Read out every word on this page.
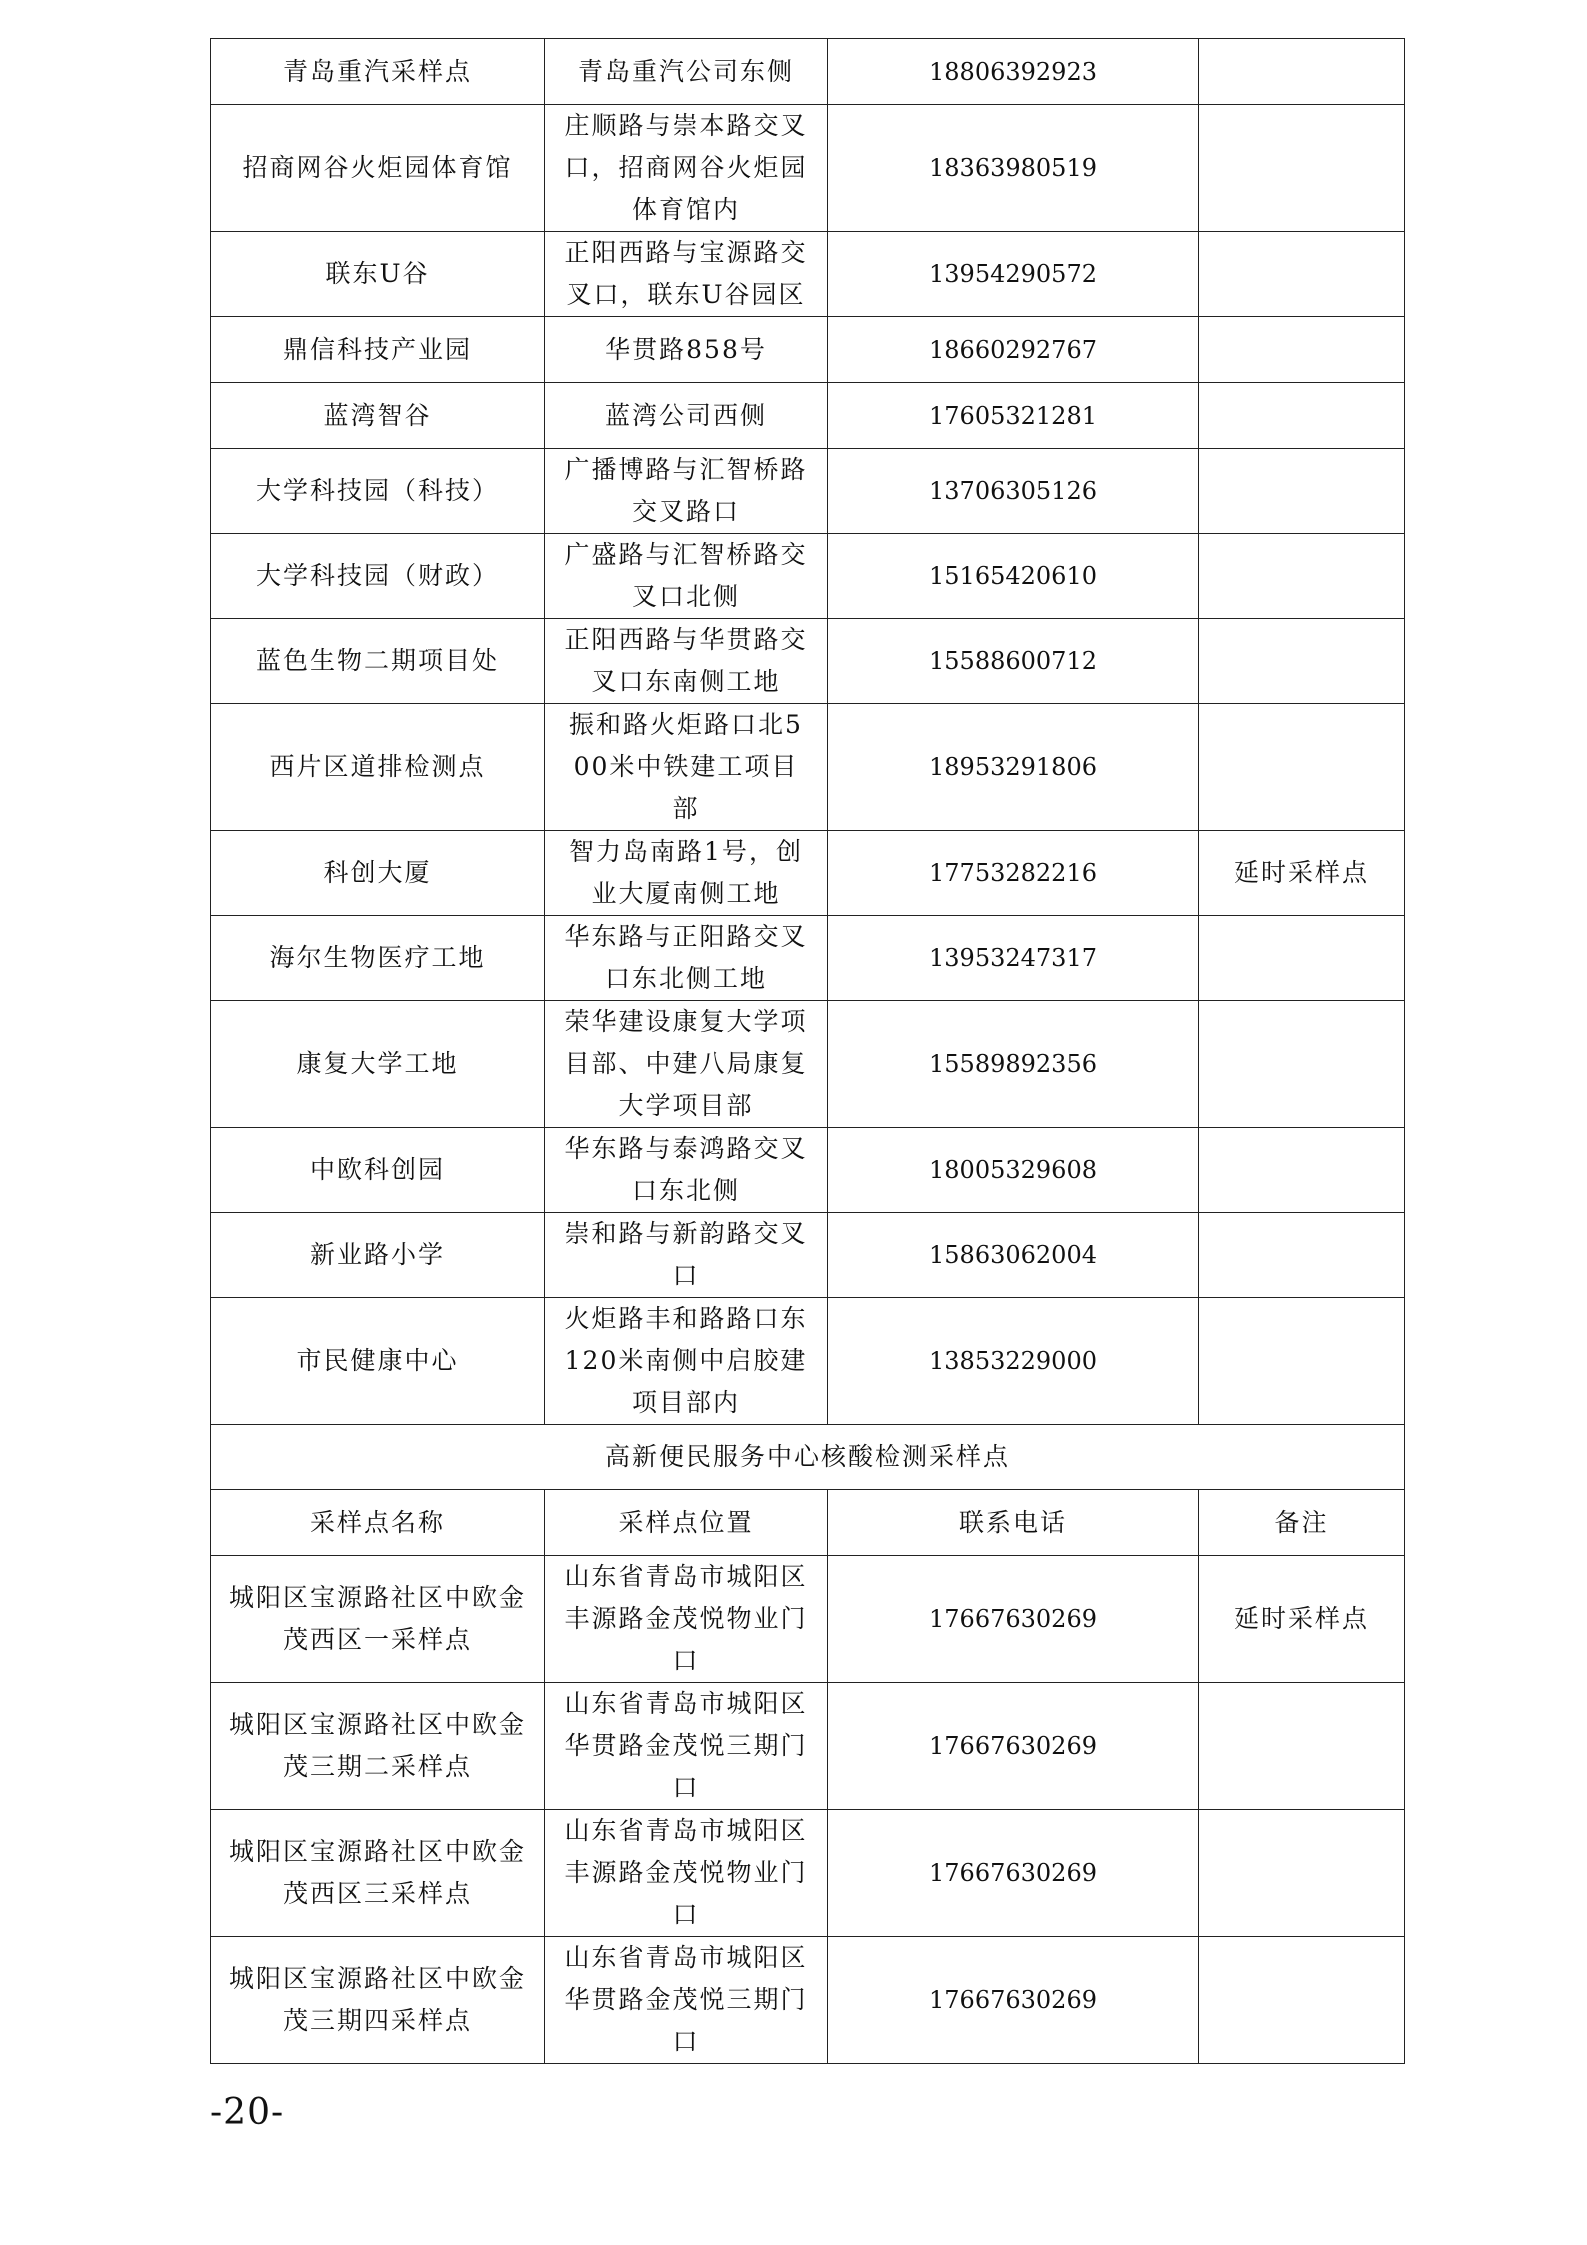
青岛重汽采样点	青岛重汽公司东侧	18806392923	
招商网谷火炬园体育馆	庄顺路与崇本路交叉口，招商网谷火炬园体育馆内	18363980519	
联东U谷	正阳西路与宝源路交叉口，联东U谷园区	13954290572	
鼎信科技产业园	华贯路858号	18660292767	
蓝湾智谷	蓝湾公司西侧	17605321281	
大学科技园（科技）	广播博路与汇智桥路交叉路口	13706305126	
大学科技园（财政）	广盛路与汇智桥路交叉口北侧	15165420610	
蓝色生物二期项目处	正阳西路与华贯路交叉口东南侧工地	15588600712	
西片区道排检测点	振和路火炬路口北500米中铁建工项目部	18953291806	
科创大厦	智力岛南路1号，创业大厦南侧工地	17753282216	延时采样点
海尔生物医疗工地	华东路与正阳路交叉口东北侧工地	13953247317	
康复大学工地	荣华建设康复大学项目部、中建八局康复大学项目部	15589892356	
中欧科创园	华东路与泰鸿路交叉口东北侧	18005329608	
新业路小学	崇和路与新韵路交叉口	15863062004	
市民健康中心	火炬路丰和路路口东120米南侧中启胶建项目部内	13853229000	
高新便民服务中心核酸检测采样点			
采样点名称	采样点位置	联系电话	备注
城阳区宝源路社区中欧金茂西区一采样点	山东省青岛市城阳区丰源路金茂悦物业门口	17667630269	延时采样点
城阳区宝源路社区中欧金茂三期二采样点	山东省青岛市城阳区华贯路金茂悦三期门口	17667630269	
城阳区宝源路社区中欧金茂西区三采样点	山东省青岛市城阳区丰源路金茂悦物业门口	17667630269	
城阳区宝源路社区中欧金茂三期四采样点	山东省青岛市城阳区华贯路金茂悦三期门口	17667630269	
-20-
